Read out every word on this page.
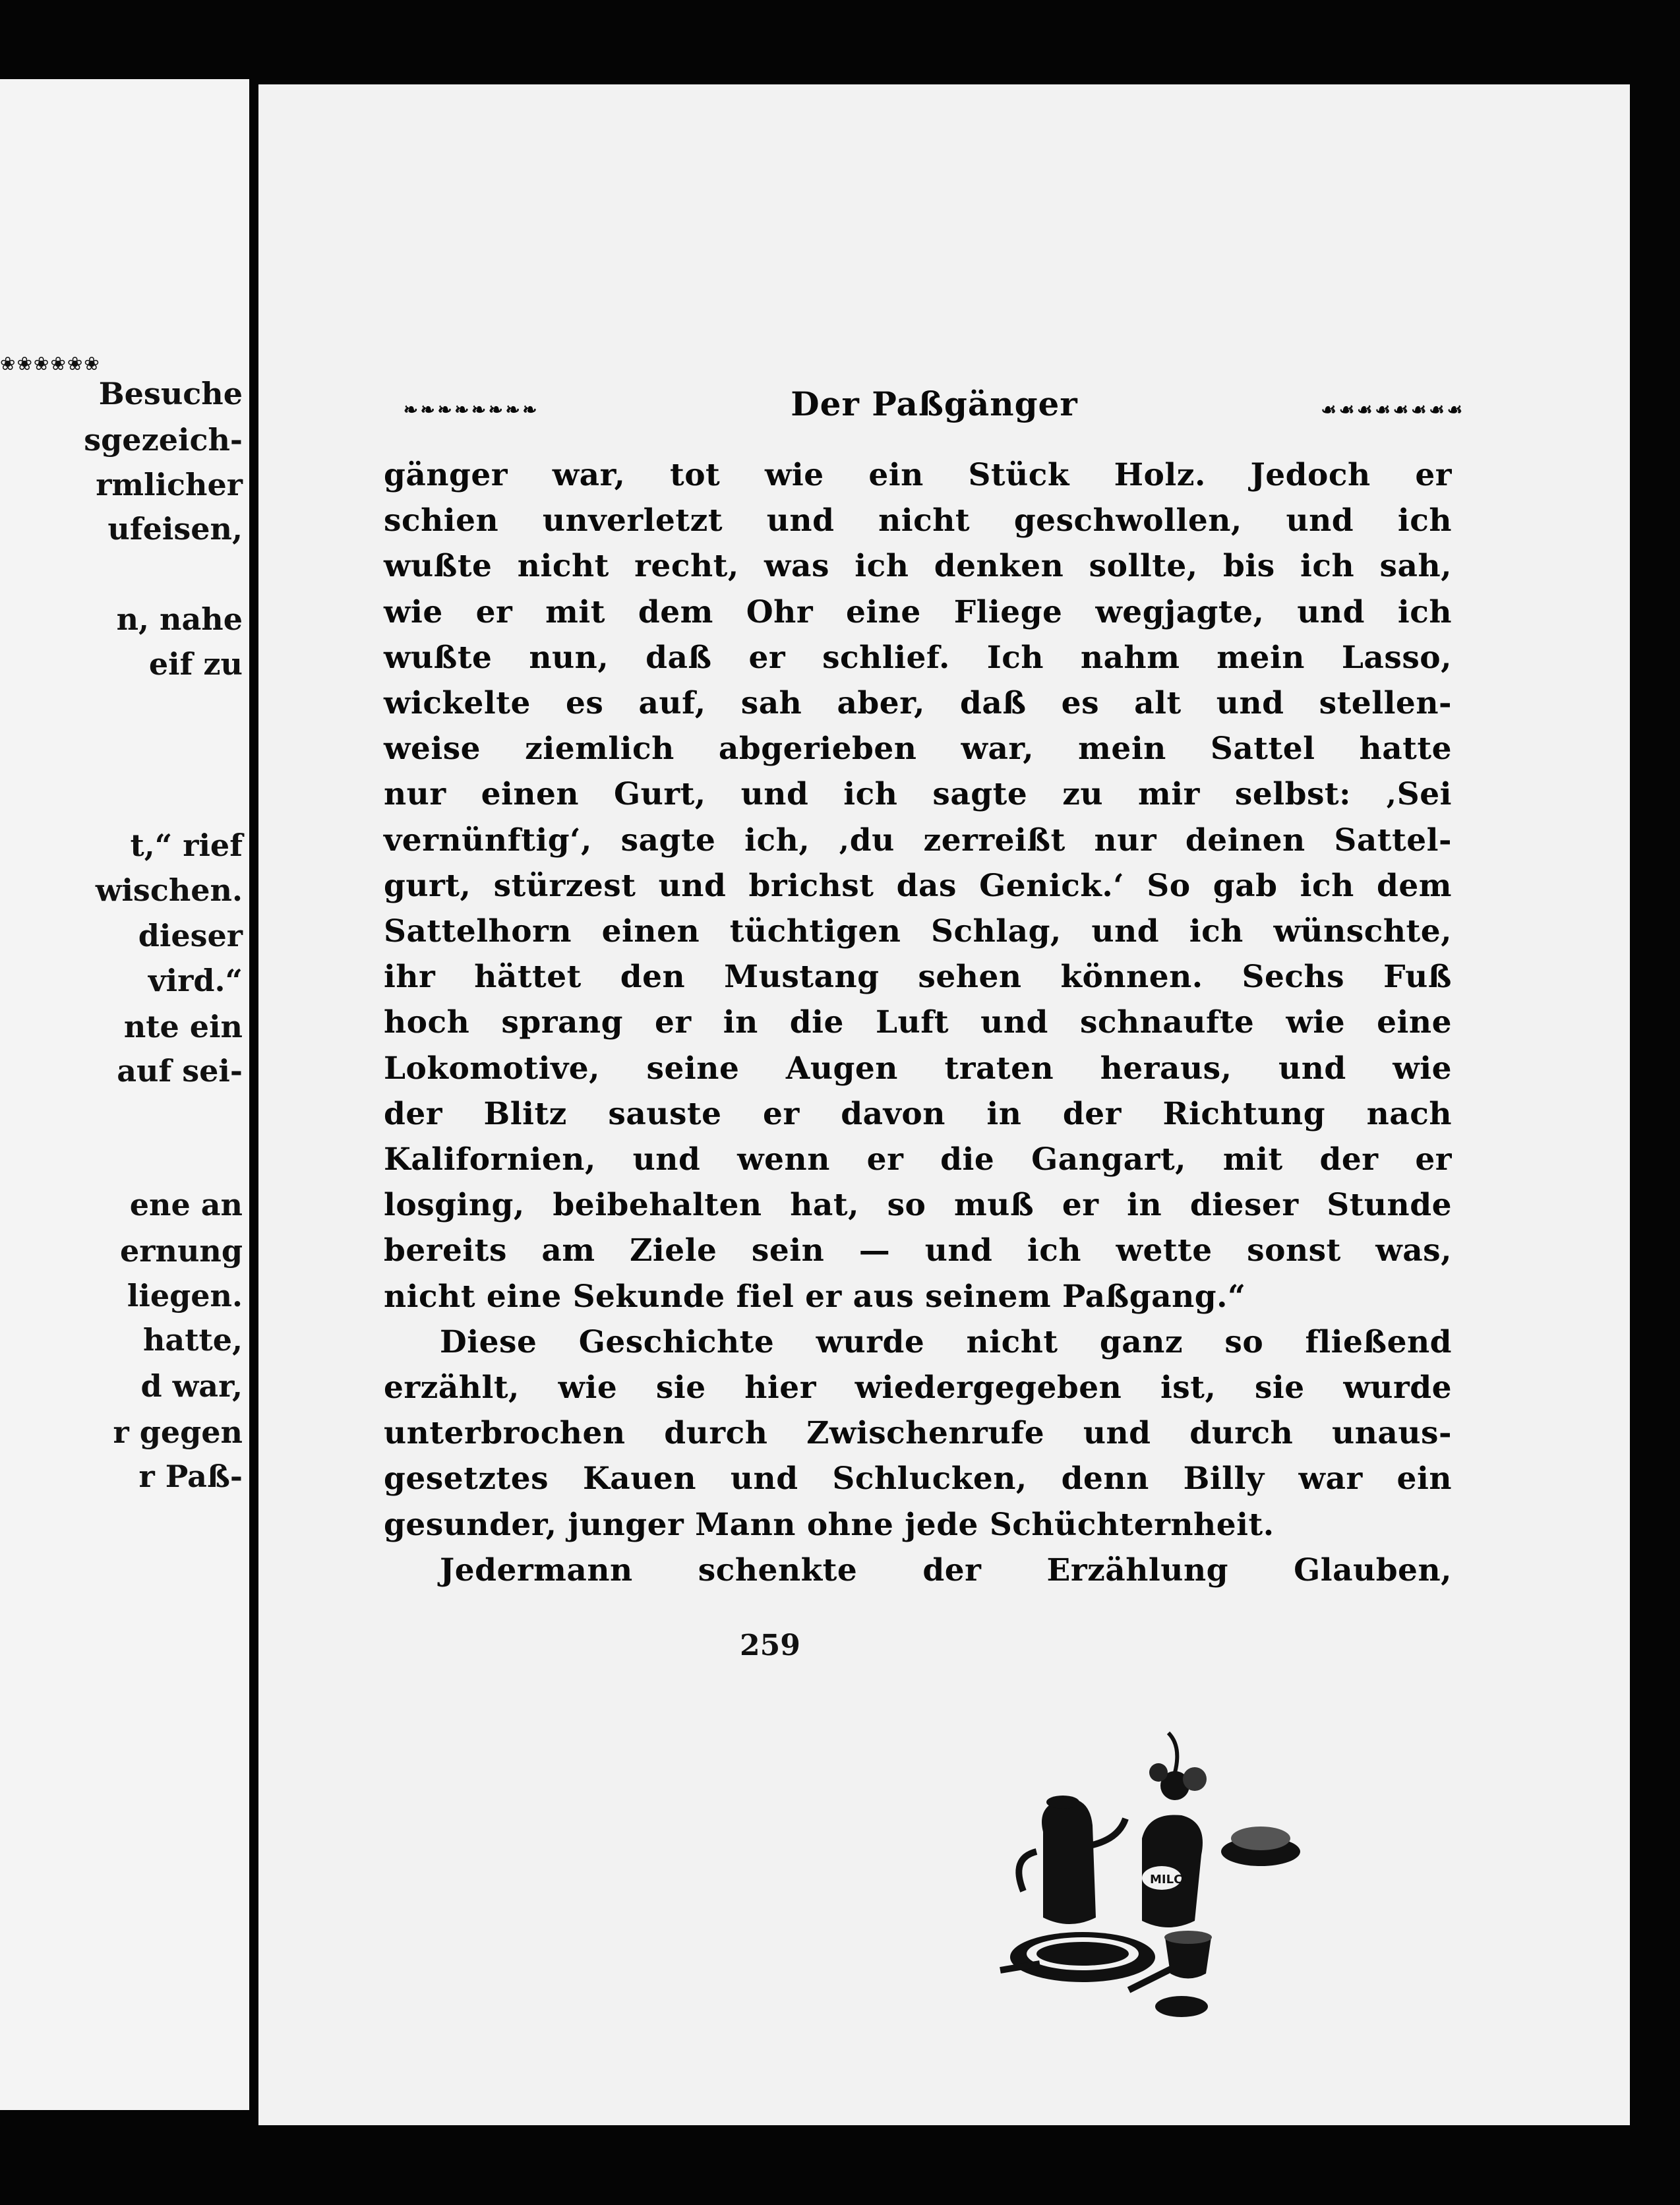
❀❀❀❀❀❀
Besuche
sgezeich-
rmlicher
ufeisen,
n, nahe
eif zu
t,“ rief
wischen.
dieser
vird.“
nte ein
auf sei-
ene an
ernung
liegen.
hatte,
d war,
r gegen
r Paß-
❧❧❧❧❧❧❧❧	Der Paßgänger	☙☙☙☙☙☙☙☙
gänger war, tot wie ein Stück Holz. Jedoch er
schien unverletzt und nicht geschwollen, und ich
wußte nicht recht, was ich denken sollte, bis ich sah,
wie er mit dem Ohr eine Fliege wegjagte, und ich
wußte nun, daß er schlief. Ich nahm mein Lasso,
wickelte es auf, sah aber, daß es alt und stellen-
weise ziemlich abgerieben war, mein Sattel hatte
nur einen Gurt, und ich sagte zu mir selbst: ‚Sei
vernünftig‘, sagte ich, ‚du zerreißt nur deinen Sattel-
gurt, stürzest und brichst das Genick.‘ So gab ich dem
Sattelhorn einen tüchtigen Schlag, und ich wünschte,
ihr hättet den Mustang sehen können. Sechs Fuß
hoch sprang er in die Luft und schnaufte wie eine
Lokomotive, seine Augen traten heraus, und wie
der Blitz sauste er davon in der Richtung nach
Kalifornien, und wenn er die Gangart, mit der er
losging, beibehalten hat, so muß er in dieser Stunde
bereits am Ziele sein — und ich wette sonst was,
nicht eine Sekunde fiel er aus seinem Paßgang.“
Diese Geschichte wurde nicht ganz so fließend
erzählt, wie sie hier wiedergegeben ist, sie wurde
unterbrochen durch Zwischenrufe und durch unaus-
gesetztes Kauen und Schlucken, denn Billy war ein
gesunder, junger Mann ohne jede Schüchternheit.
Jedermann schenkte der Erzählung Glauben,
259
MILCH
